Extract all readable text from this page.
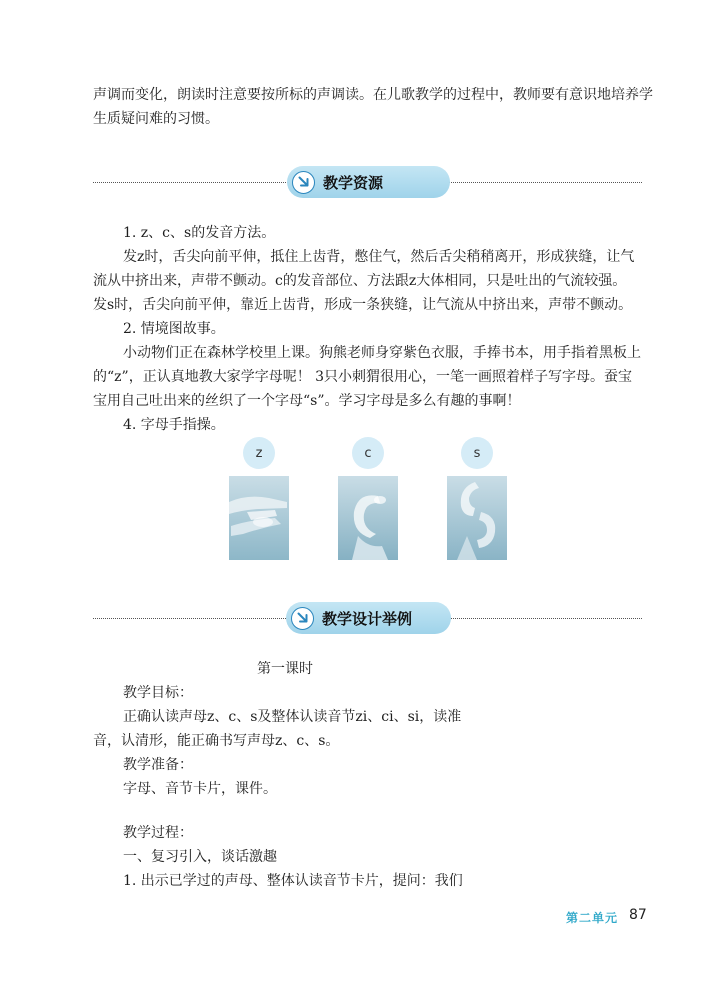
声调而变化，朗读时注意要按所标的声调读。在儿歌教学的过程中，教师要有意识地培养学
生质疑问难的习惯。
教学资源
1. z、c、s的发音方法。
发z时，舌尖向前平伸，抵住上齿背，憋住气，然后舌尖稍稍离开，形成狭缝，让气
流从中挤出来，声带不颤动。c的发音部位、方法跟z大体相同，只是吐出的气流较强。
发s时，舌尖向前平伸，靠近上齿背，形成一条狭缝，让气流从中挤出来，声带不颤动。
2. 情境图故事。
小动物们正在森林学校里上课。狗熊老师身穿紫色衣服，手捧书本，用手指着黑板上
的“z”，正认真地教大家学字母呢！ 3只小刺猬很用心，一笔一画照着样子写字母。蚕宝
宝用自己吐出来的丝织了一个字母“s”。学习字母是多么有趣的事啊！
4. 字母手指操。
z	c	s
教学设计举例
第一课时
教学目标：
正确认读声母z、c、s及整体认读音节zi、ci、si，读准
音，认清形，能正确书写声母z、c、s。
教学准备：
字母、音节卡片，课件。
教学过程：
一、复习引入，谈话激趣
1. 出示已学过的声母、整体认读音节卡片，提问：我们
第二单元 87
